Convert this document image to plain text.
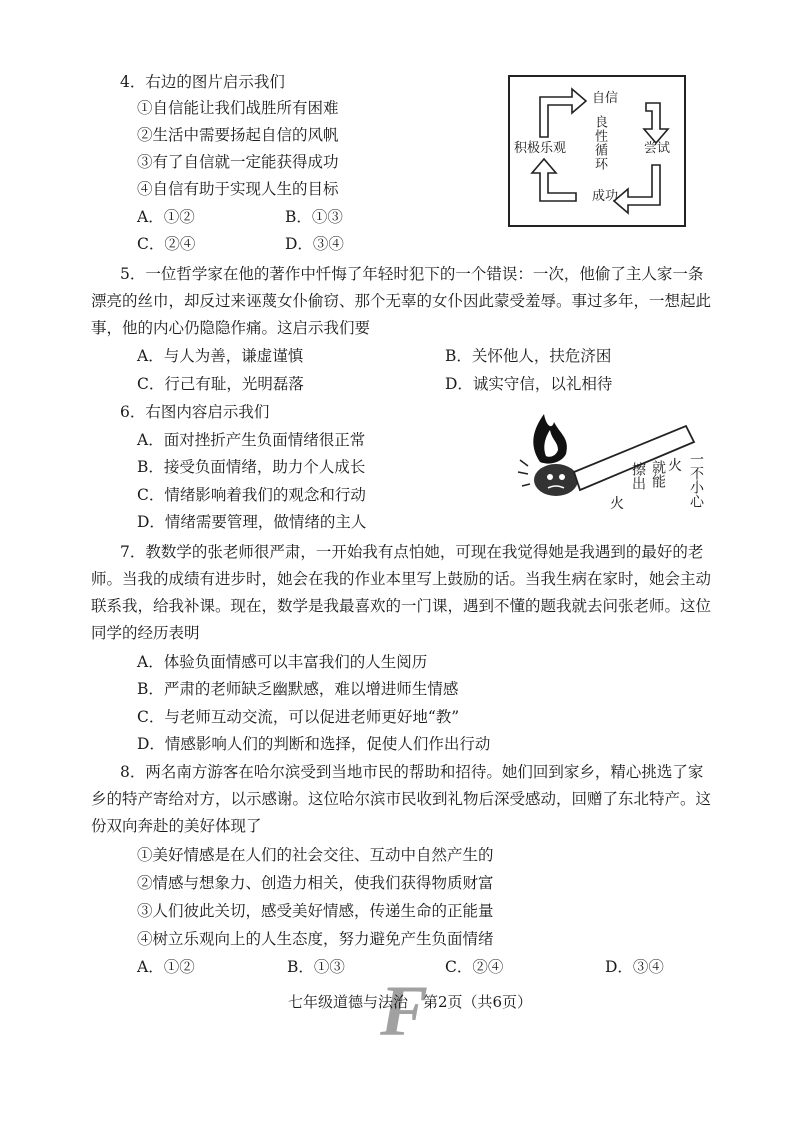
4．右边的图片启示我们
①自信能让我们战胜所有困难
②生活中需要扬起自信的风帆
③有了自信就一定能获得成功
④自信有助于实现人生的目标
A．①②	B．①③
C．②④	D．③④
自信
尝试
成功
积极乐观 良性循环
5．一位哲学家在他的著作中忏悔了年轻时犯下的一个错误：一次，他偷了主人家一条
漂亮的丝巾，却反过来诬蔑女仆偷窃、那个无辜的女仆因此蒙受羞辱。事过多年，一想起此
事，他的内心仍隐隐作痛。这启示我们要
A．与人为善，谦虚谨慎	B．关怀他人，扶危济困
C．行己有耻，光明磊落	D．诚实守信，以礼相待
6．右图内容启示我们
A．面对挫折产生负面情绪很正常
B．接受负面情绪，助力个人成长
C．情绪影响着我们的观念和行动
D．情绪需要管理，做情绪的主人
一不小心
火
就能
擦出
火
7．教数学的张老师很严肃，一开始我有点怕她，可现在我觉得她是我遇到的最好的老
师。当我的成绩有进步时，她会在我的作业本里写上鼓励的话。当我生病在家时，她会主动
联系我，给我补课。现在，数学是我最喜欢的一门课，遇到不懂的题我就去问张老师。这位
同学的经历表明
A．体验负面情感可以丰富我们的人生阅历
B．严肃的老师缺乏幽默感，难以增进师生情感
C．与老师互动交流，可以促进老师更好地“教”
D．情感影响人们的判断和选择，促使人们作出行动
8．两名南方游客在哈尔滨受到当地市民的帮助和招待。她们回到家乡，精心挑选了家
乡的特产寄给对方，以示感谢。这位哈尔滨市民收到礼物后深受感动，回赠了东北特产。这
份双向奔赴的美好体现了
①美好情感是在人们的社会交往、互动中自然产生的
②情感与想象力、创造力相关，使我们获得物质财富
③人们彼此关切，感受美好情感，传递生命的正能量
④树立乐观向上的人生态度，努力避免产生负面情绪
A．①②	B．①③	C．②④	D．③④
F
七年级道德与法治　第2页（共6页）
